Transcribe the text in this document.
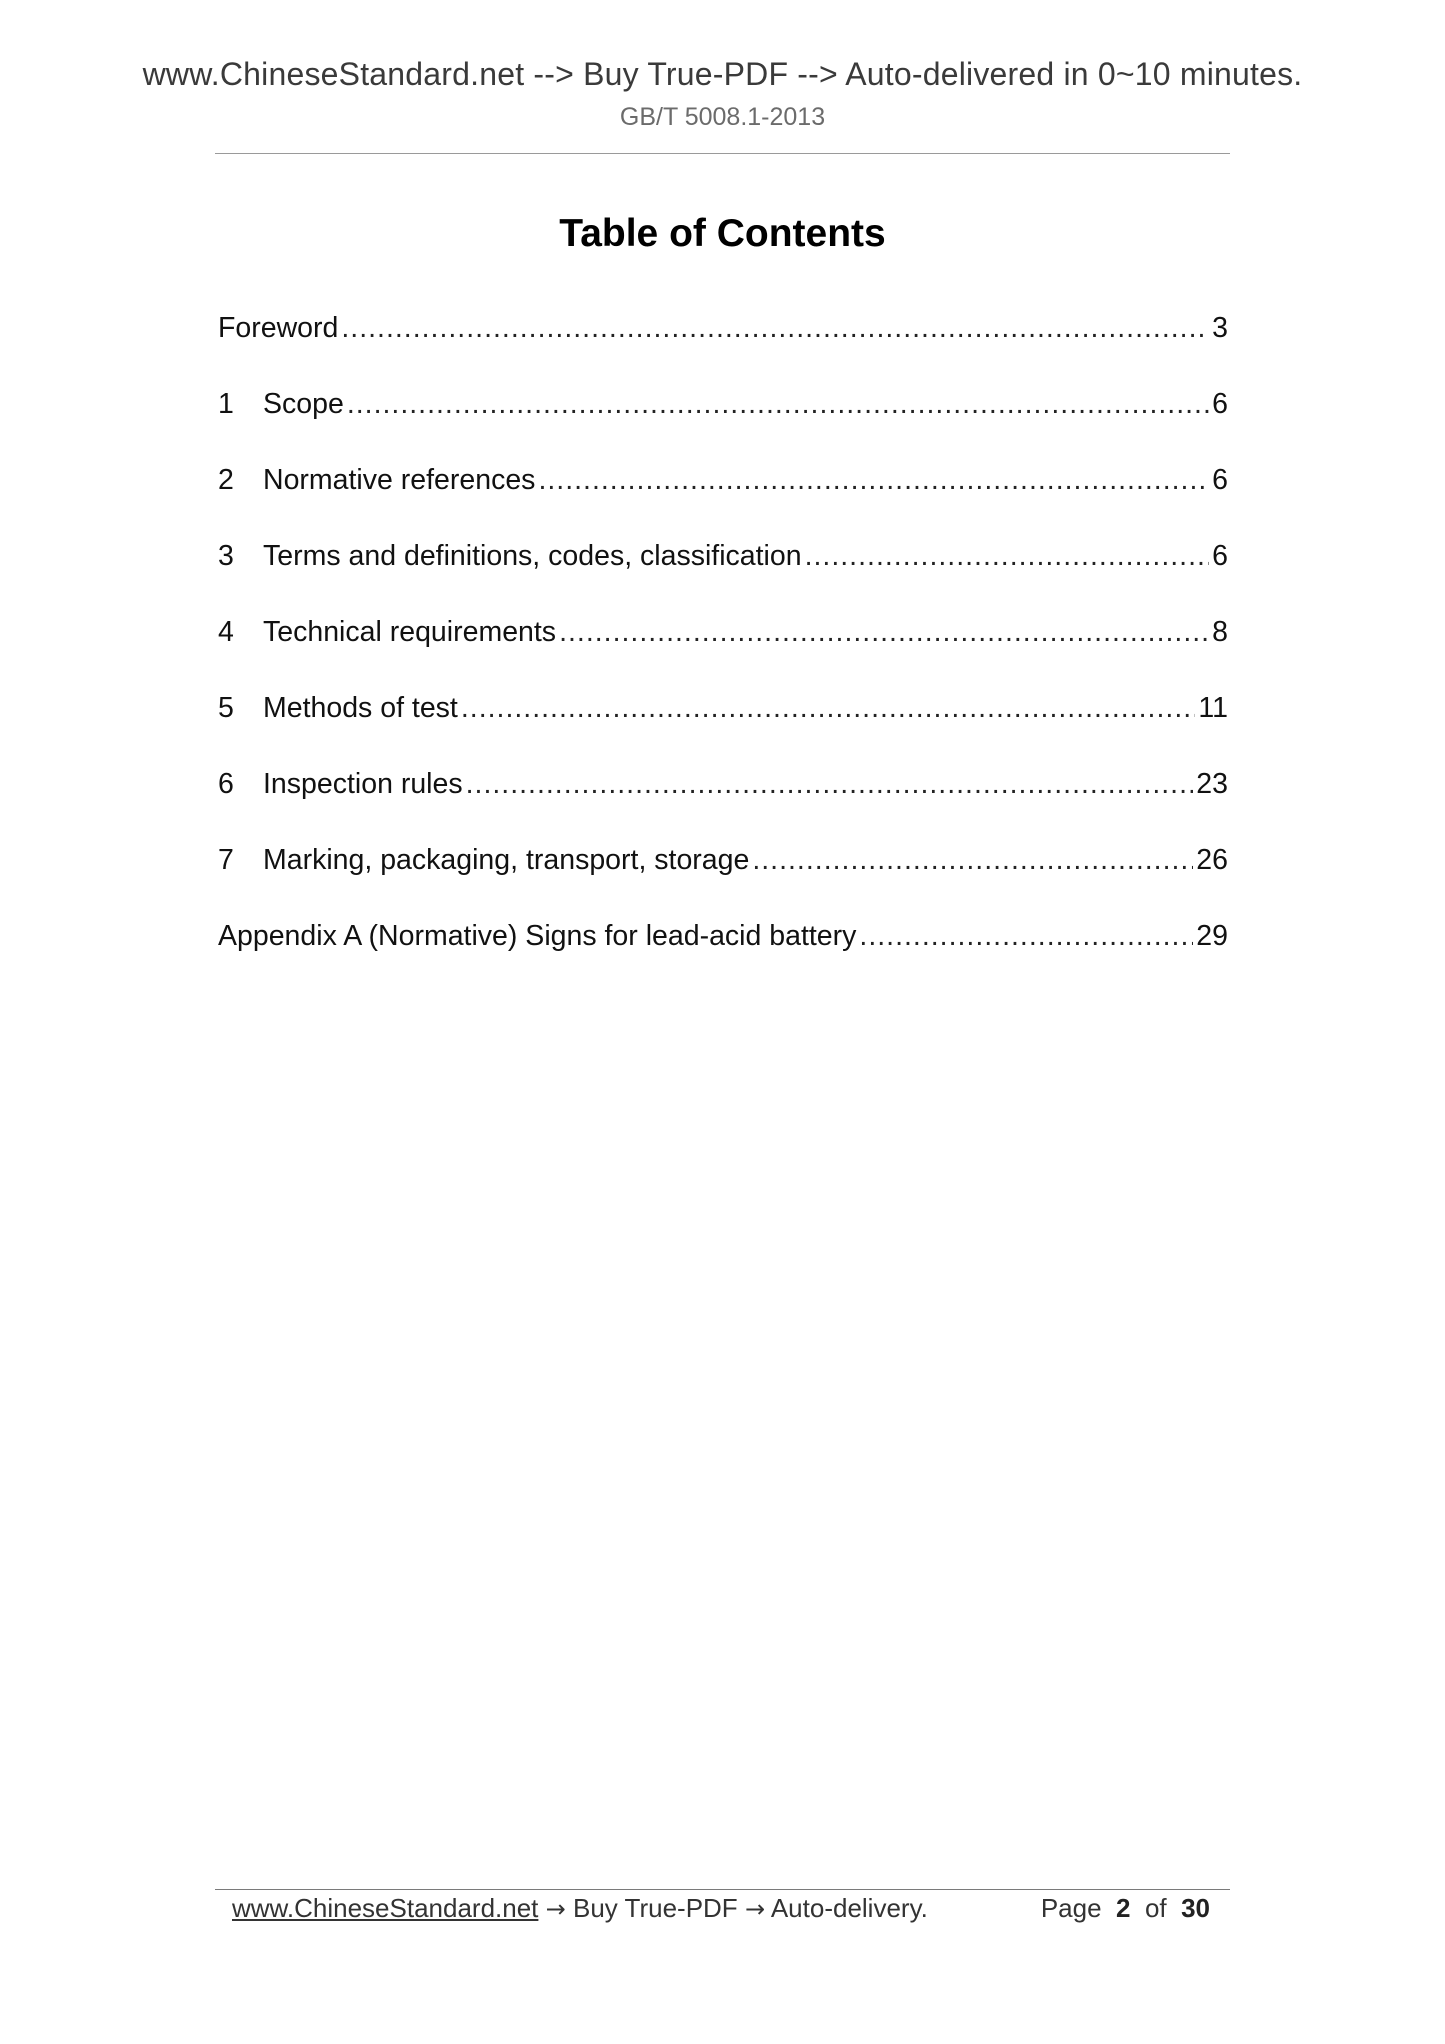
www.ChineseStandard.net --> Buy True-PDF --> Auto-delivered in 0~10 minutes.
GB/T 5008.1-2013
Table of Contents
Foreword .....	3
1	Scope .....	6
2	Normative references .....	6
3	Terms and definitions, codes, classification .....	6
4	Technical requirements .....	8
5	Methods of test .....	11
6	Inspection rules .....	23
7	Marking, packaging, transport, storage .....	26
Appendix A (Normative) Signs for lead-acid battery .....	29
www.ChineseStandard.net → Buy True-PDF → Auto-delivery.	Page 2 of 30
